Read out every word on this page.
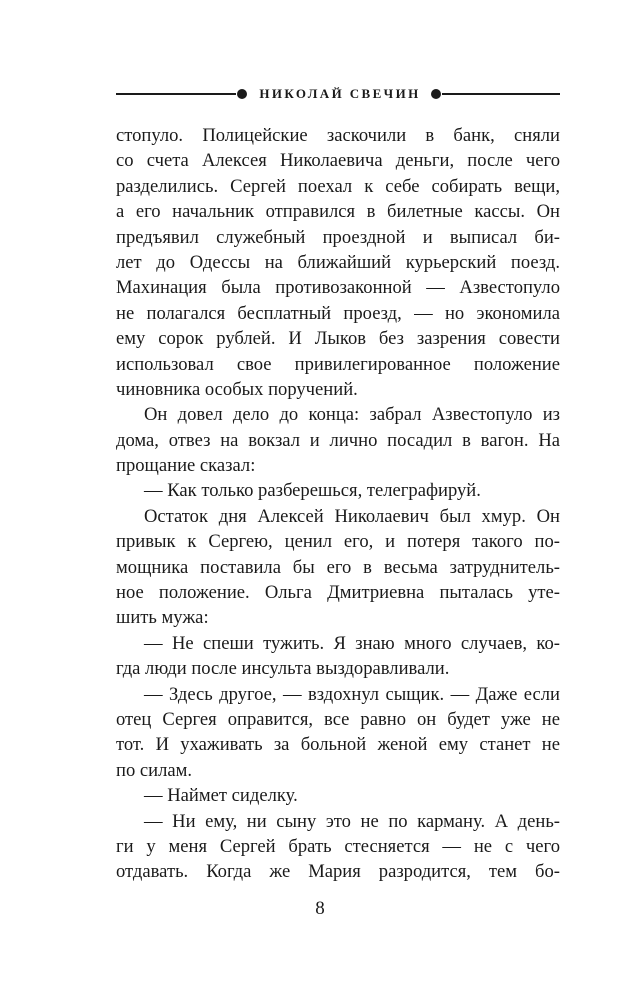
НИКОЛАЙ СВЕЧИН
стопуло. Полицейские заскочили в банк, сняли
со счета Алексея Николаевича деньги, после чего
разделились. Сергей поехал к себе собирать вещи,
а его начальник отправился в билетные кассы. Он
предъявил служебный проездной и выписал би-
лет до Одессы на ближайший курьерский поезд.
Махинация была противозаконной — Азвестопуло
не полагался бесплатный проезд, — но экономила
ему сорок рублей. И Лыков без зазрения совести
использовал свое привилегированное положение
чиновника особых поручений.
Он довел дело до конца: забрал Азвестопуло из
дома, отвез на вокзал и лично посадил в вагон. На
прощание сказал:
— Как только разберешься, телеграфируй.
Остаток дня Алексей Николаевич был хмур. Он
привык к Сергею, ценил его, и потеря такого по-
мощника поставила бы его в весьма затруднитель-
ное положение. Ольга Дмитриевна пыталась уте-
шить мужа:
— Не спеши тужить. Я знаю много случаев, ко-
гда люди после инсульта выздоравливали.
— Здесь другое, — вздохнул сыщик. — Даже если
отец Сергея оправится, все равно он будет уже не
тот. И ухаживать за больной женой ему станет не
по силам.
— Наймет сиделку.
— Ни ему, ни сыну это не по карману. А день-
ги у меня Сергей брать стесняется — не с чего
отдавать. Когда же Мария разродится, тем бо-
8
